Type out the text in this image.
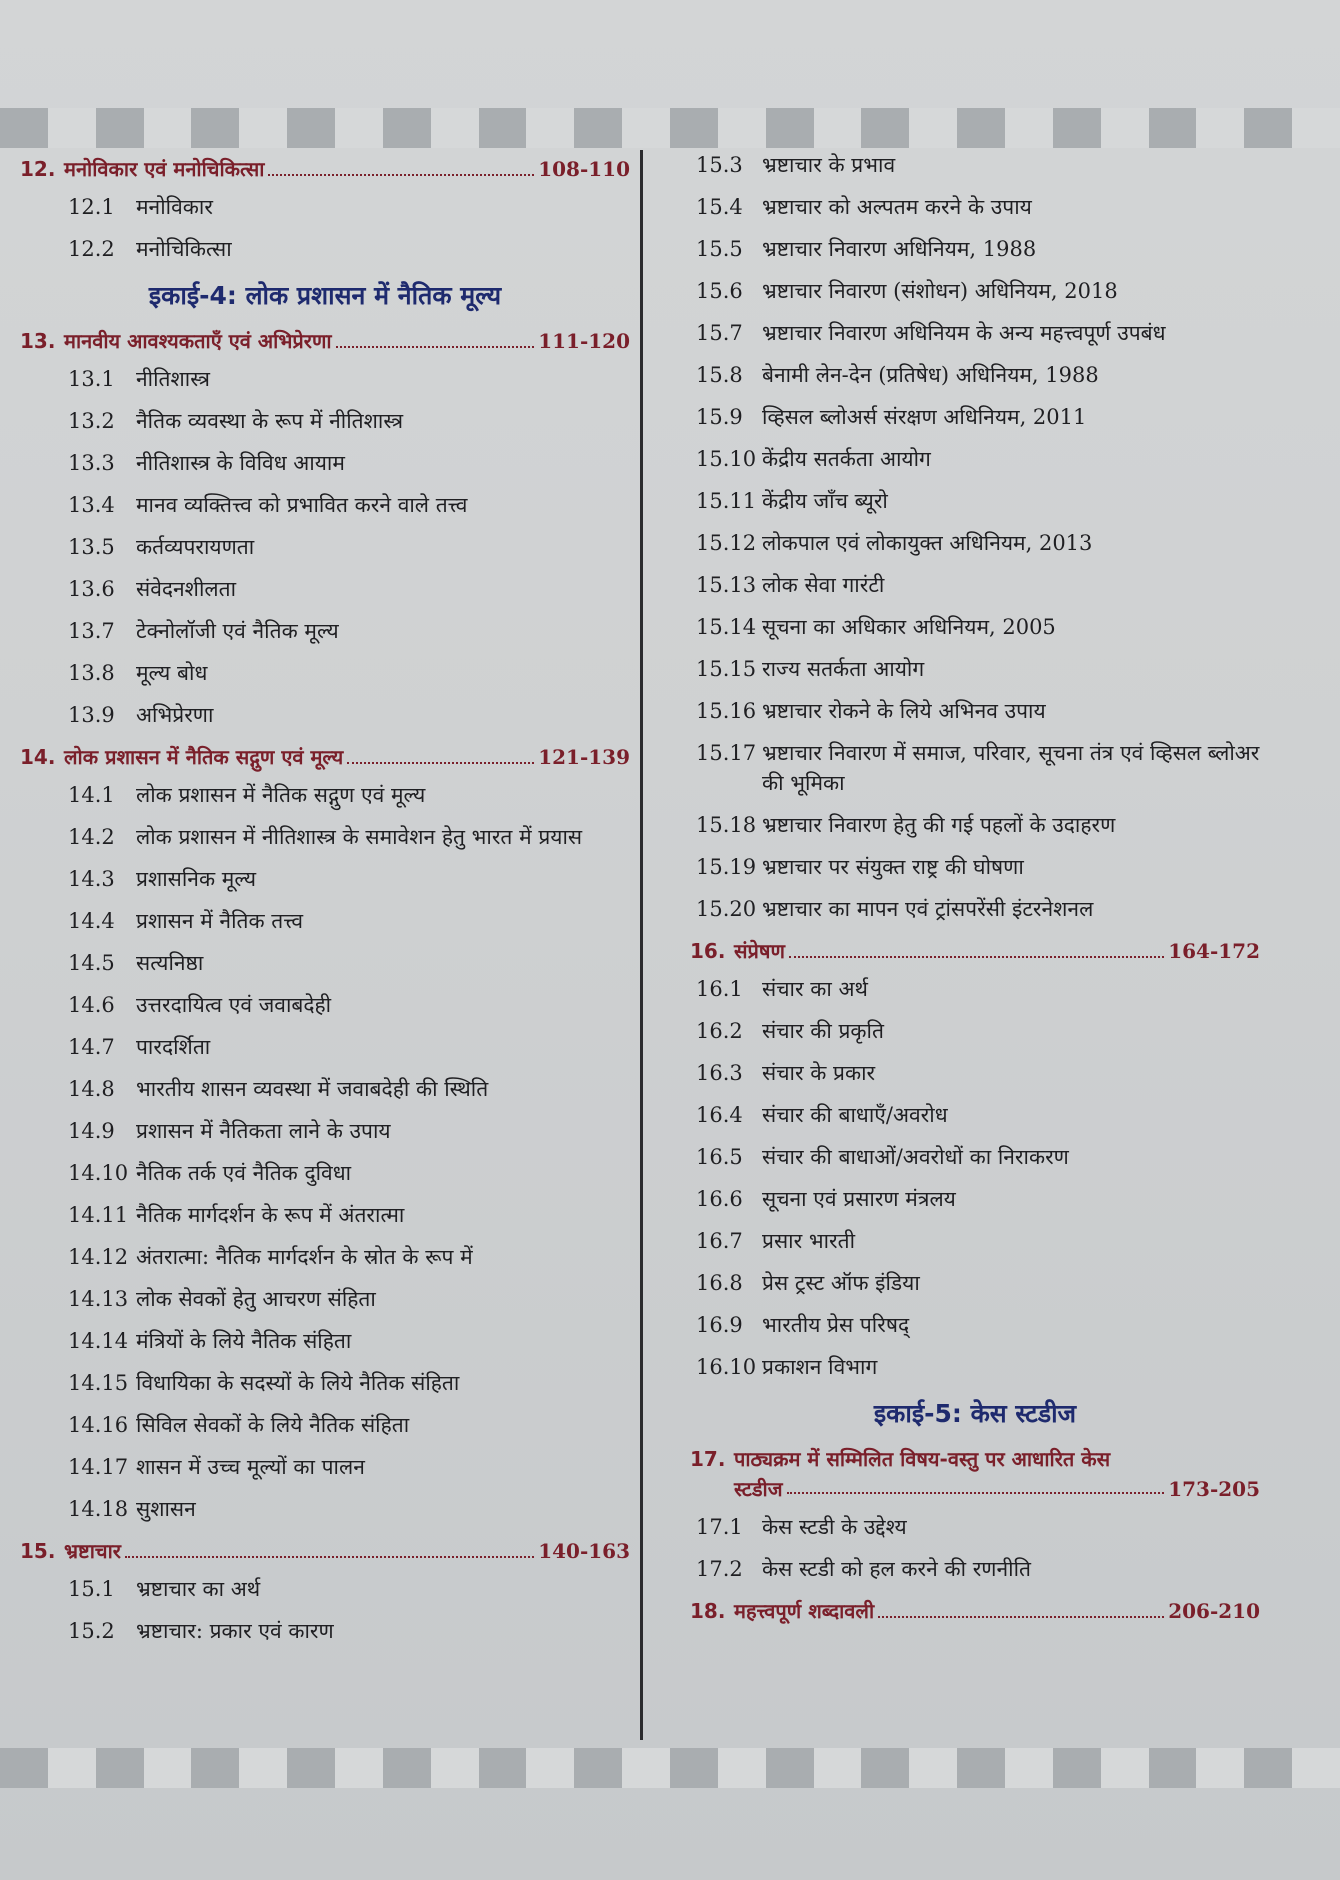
12. मनोविकार एवं मनोचिकित्सा	108-110
12.1	मनोविकार
12.2	मनोचिकित्सा
इकाई-4: लोक प्रशासन में नैतिक मूल्य
13. मानवीय आवश्यकताएँ एवं अभिप्रेरणा	111-120
13.1	नीतिशास्त्र
13.2	नैतिक व्यवस्था के रूप में नीतिशास्त्र
13.3	नीतिशास्त्र के विविध आयाम
13.4	मानव व्यक्तित्त्व को प्रभावित करने वाले तत्त्व
13.5	कर्तव्यपरायणता
13.6	संवेदनशीलता
13.7	टेक्नोलॉजी एवं नैतिक मूल्य
13.8	मूल्य बोध
13.9	अभिप्रेरणा
14. लोक प्रशासन में नैतिक सद्गुण एवं मूल्य	121-139
14.1	लोक प्रशासन में नैतिक सद्गुण एवं मूल्य
14.2	लोक प्रशासन में नीतिशास्त्र के समावेशन हेतु भारत में प्रयास
14.3	प्रशासनिक मूल्य
14.4	प्रशासन में नैतिक तत्त्व
14.5	सत्यनिष्ठा
14.6	उत्तरदायित्व एवं जवाबदेही
14.7	पारदर्शिता
14.8	भारतीय शासन व्यवस्था में जवाबदेही की स्थिति
14.9	प्रशासन में नैतिकता लाने के उपाय
14.10 नैतिक तर्क एवं नैतिक दुविधा
14.11 नैतिक मार्गदर्शन के रूप में अंतरात्मा
14.12 अंतरात्मा: नैतिक मार्गदर्शन के स्रोत के रूप में
14.13 लोक सेवकों हेतु आचरण संहिता
14.14 मंत्रियों के लिये नैतिक संहिता
14.15 विधायिका के सदस्यों के लिये नैतिक संहिता
14.16 सिविल सेवकों के लिये नैतिक संहिता
14.17 शासन में उच्च मूल्यों का पालन
14.18 सुशासन
15. भ्रष्टाचार	140-163
15.1	भ्रष्टाचार का अर्थ
15.2	भ्रष्टाचार: प्रकार एवं कारण
15.3 भ्रष्टाचार के प्रभाव
15.4 भ्रष्टाचार को अल्पतम करने के उपाय
15.5 भ्रष्टाचार निवारण अधिनियम, 1988
15.6 भ्रष्टाचार निवारण (संशोधन) अधिनियम, 2018
15.7 भ्रष्टाचार निवारण अधिनियम के अन्य महत्त्वपूर्ण उपबंध
15.8 बेनामी लेन-देन (प्रतिषेध) अधिनियम, 1988
15.9 व्हिसल ब्लोअर्स संरक्षण अधिनियम, 2011
15.10 केंद्रीय सतर्कता आयोग
15.11 केंद्रीय जाँच ब्यूरो
15.12 लोकपाल एवं लोकायुक्त अधिनियम, 2013
15.13 लोक सेवा गारंटी
15.14 सूचना का अधिकार अधिनियम, 2005
15.15 राज्य सतर्कता आयोग
15.16 भ्रष्टाचार रोकने के लिये अभिनव उपाय
15.17 भ्रष्टाचार निवारण में समाज, परिवार, सूचना तंत्र एवं व्हिसल ब्लोअर की भूमिका
15.18 भ्रष्टाचार निवारण हेतु की गई पहलों के उदाहरण
15.19 भ्रष्टाचार पर संयुक्त राष्ट्र की घोषणा
15.20 भ्रष्टाचार का मापन एवं ट्रांसपरेंसी इंटरनेशनल
16. संप्रेषण	164-172
16.1 संचार का अर्थ
16.2 संचार की प्रकृति
16.3 संचार के प्रकार
16.4 संचार की बाधाएँ/अवरोध
16.5 संचार की बाधाओं/अवरोधों का निराकरण
16.6 सूचना एवं प्रसारण मंत्रलय
16.7 प्रसार भारती
16.8 प्रेस ट्रस्ट ऑफ इंडिया
16.9 भारतीय प्रेस परिषद्
16.10 प्रकाशन विभाग
इकाई-5: केस स्टडीज
17. पाठ्यक्रम में सम्मिलित विषय-वस्तु पर आधारित केस
स्टडीज	173-205
17.1 केस स्टडी के उद्देश्य
17.2 केस स्टडी को हल करने की रणनीति
18. महत्त्वपूर्ण शब्दावली	206-210
